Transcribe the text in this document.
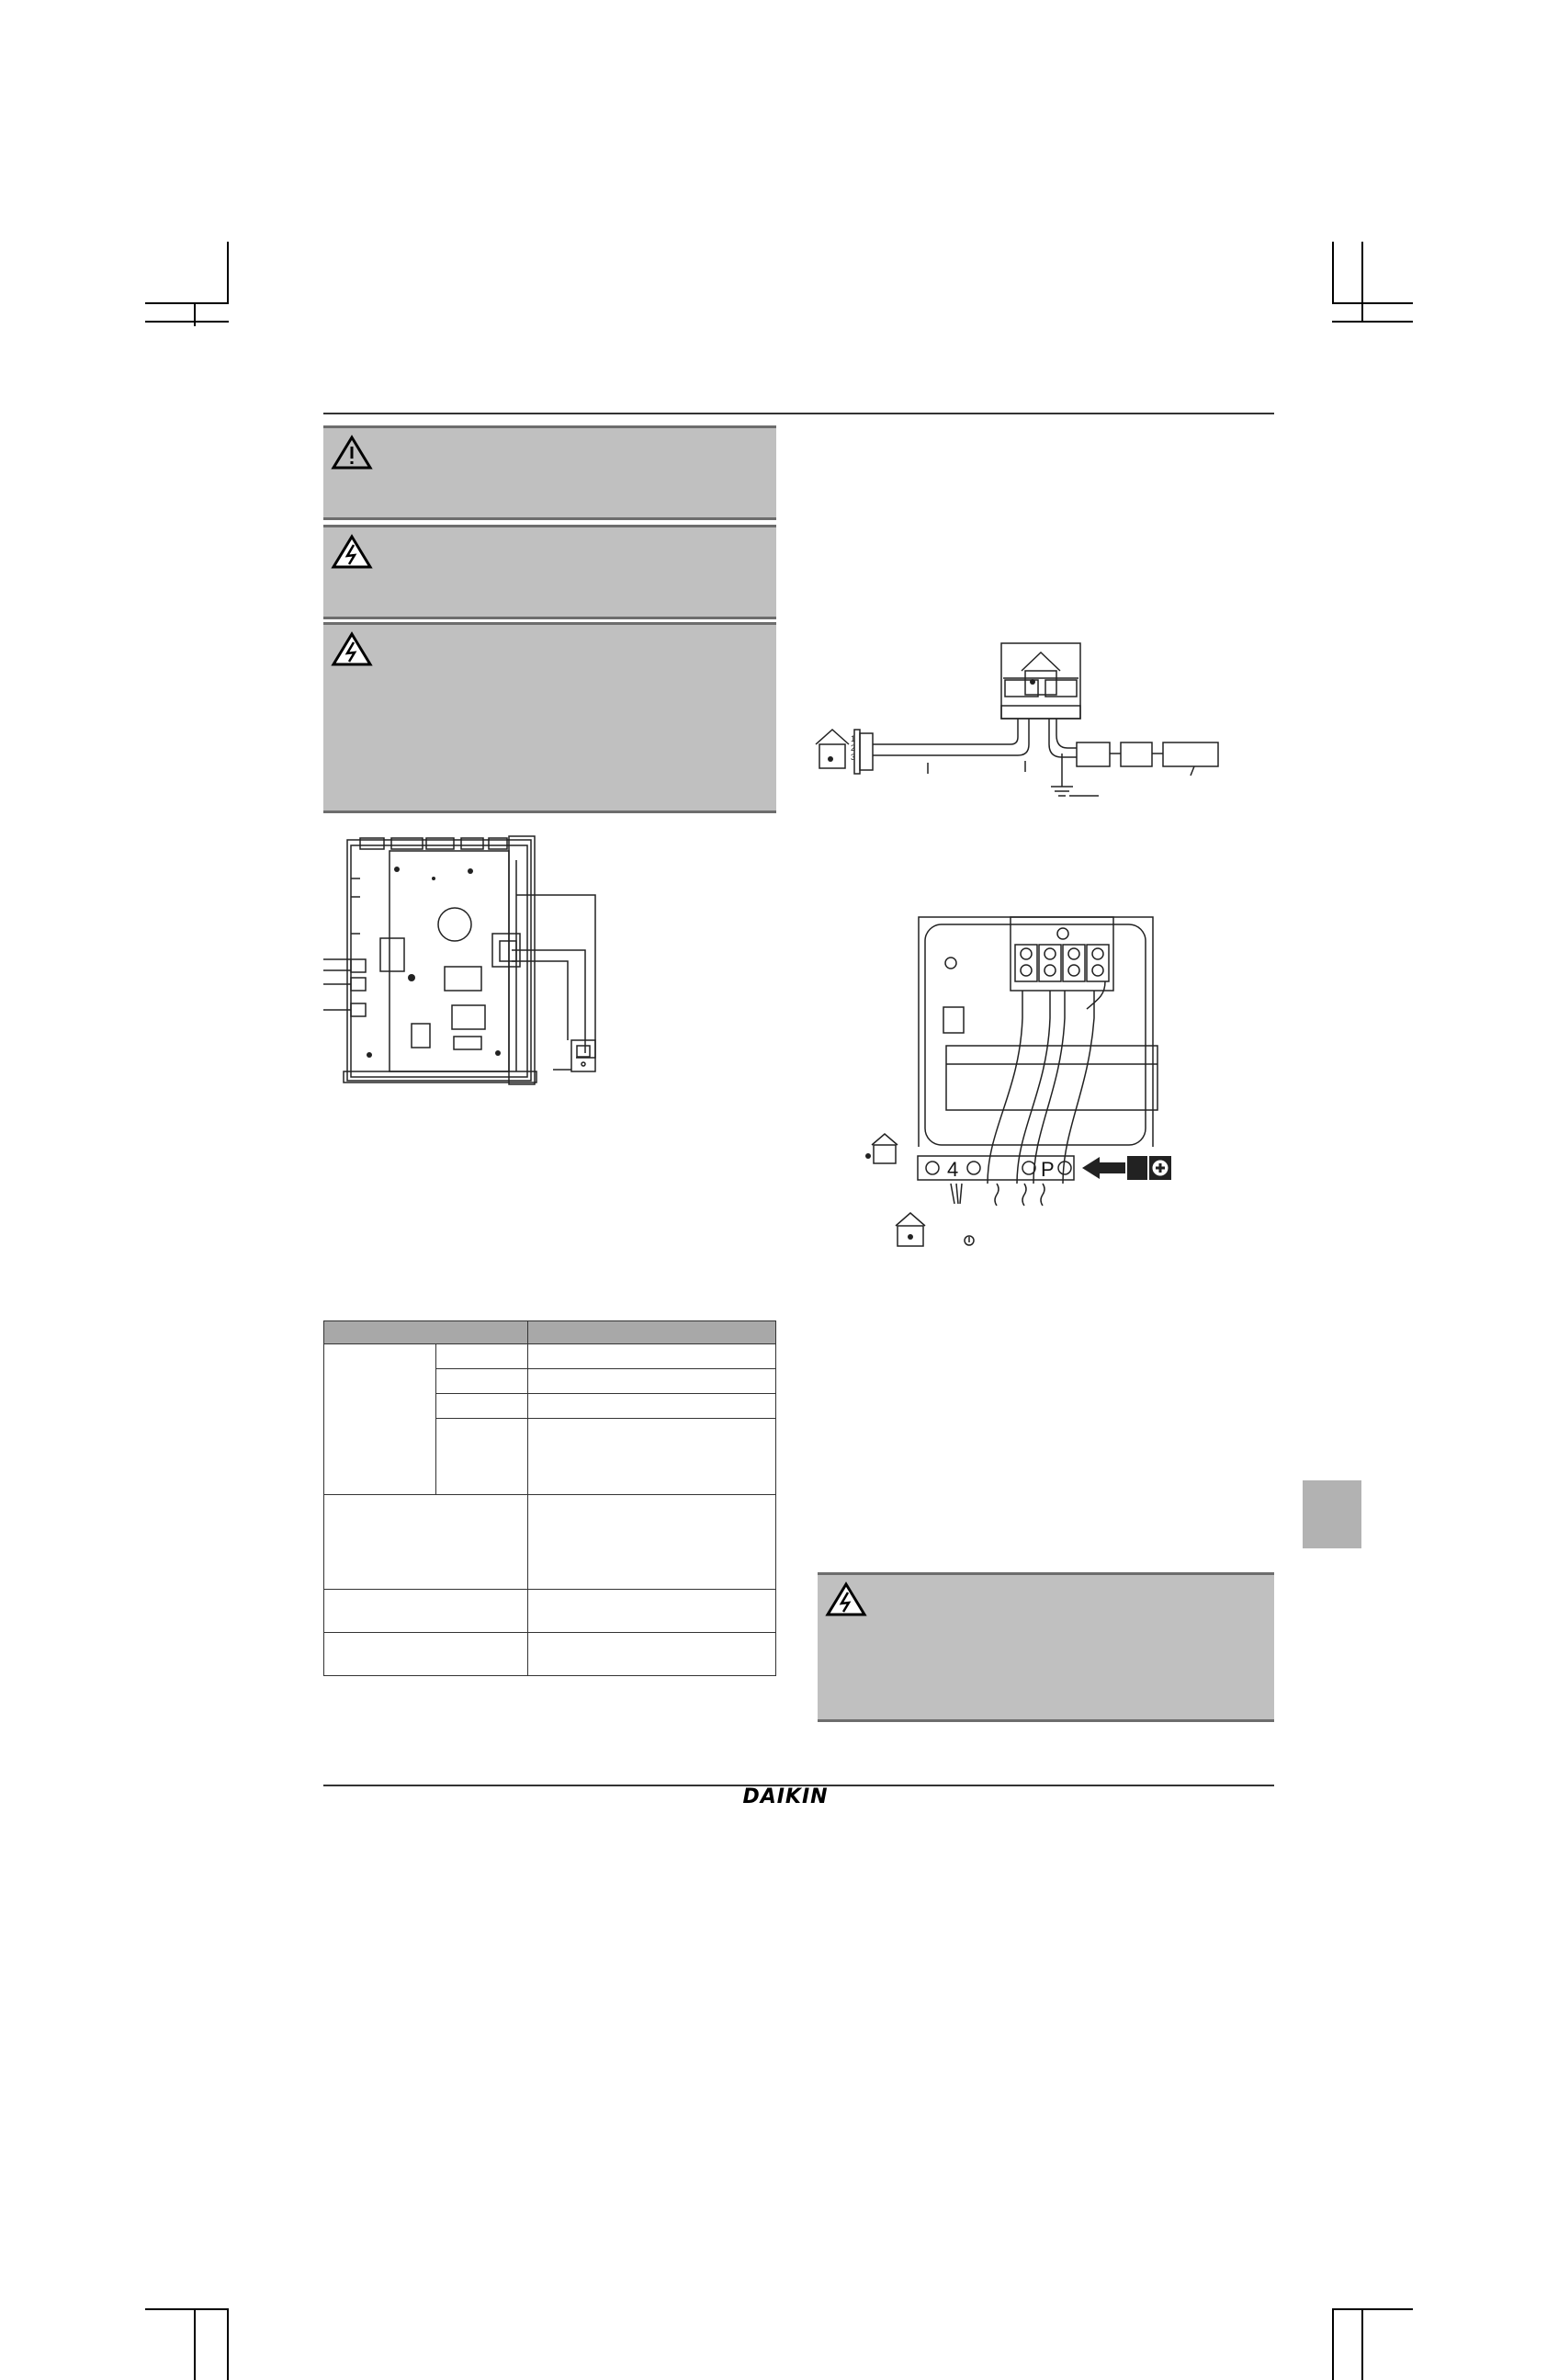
1
2
3
4	P

DAIKIN
